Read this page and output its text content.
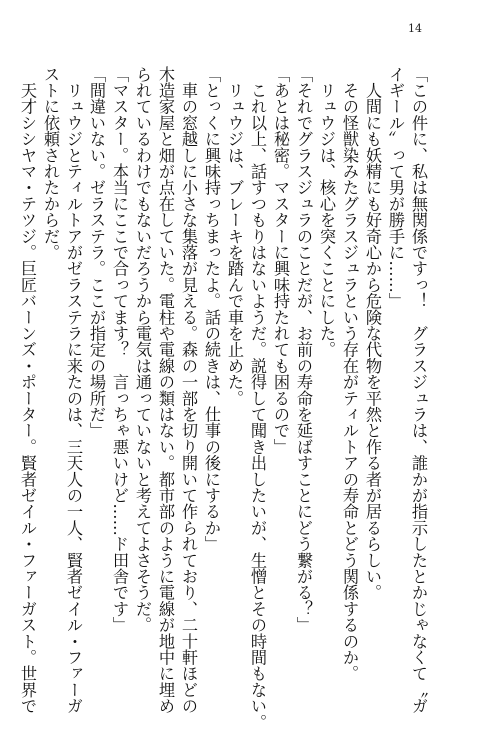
14
「この件に、私は無関係ですっ！　グラスジュラは、誰かが指示したとかじゃなくて〝ガ
イギール〟って男が勝手に……」
　人間にも妖精にも好奇心から危険な代物を平然と作る者が居るらしい。
　その怪獣染みたグラスジュラという存在がティルトアの寿命とどう関係するのか。
　リュウジは、核心を突くことにした。
「それでグラスジュラのことだが、お前の寿命を延ばすことにどう繋がる？」
「あとは秘密。マスターに興味持たれても困るので」
　これ以上、話すつもりはないようだ。説得して聞き出したいが、生憎とその時間もない。
　リュウジは、ブレーキを踏んで車を止めた。
「とっくに興味持っちまったよ。話の続きは、仕事の後にするか」
　車の窓越しに小さな集落が見える。森の一部を切り開いて作られており、二十軒ほどの
木造家屋と畑が点在していた。電柱や電線の類はない。都市部のように電線が地中に埋め
られているわけでもないだろうから電気は通っていないと考えてよさそうだ。
「マスター。本当にここで合ってます？　言っちゃ悪いけど……ド田舎です」
「間違いない。ゼラステラ。ここが指定の場所だ」
　リュウジとティルトアがゼラステラに来たのは、三天人の一人、賢者ゼイル・ファーガ
ストに依頼されたからだ。
　天才シシヤマ・テツジ。巨匠バーンズ・ポーター。賢者ゼイル・ファーガスト。世界で
